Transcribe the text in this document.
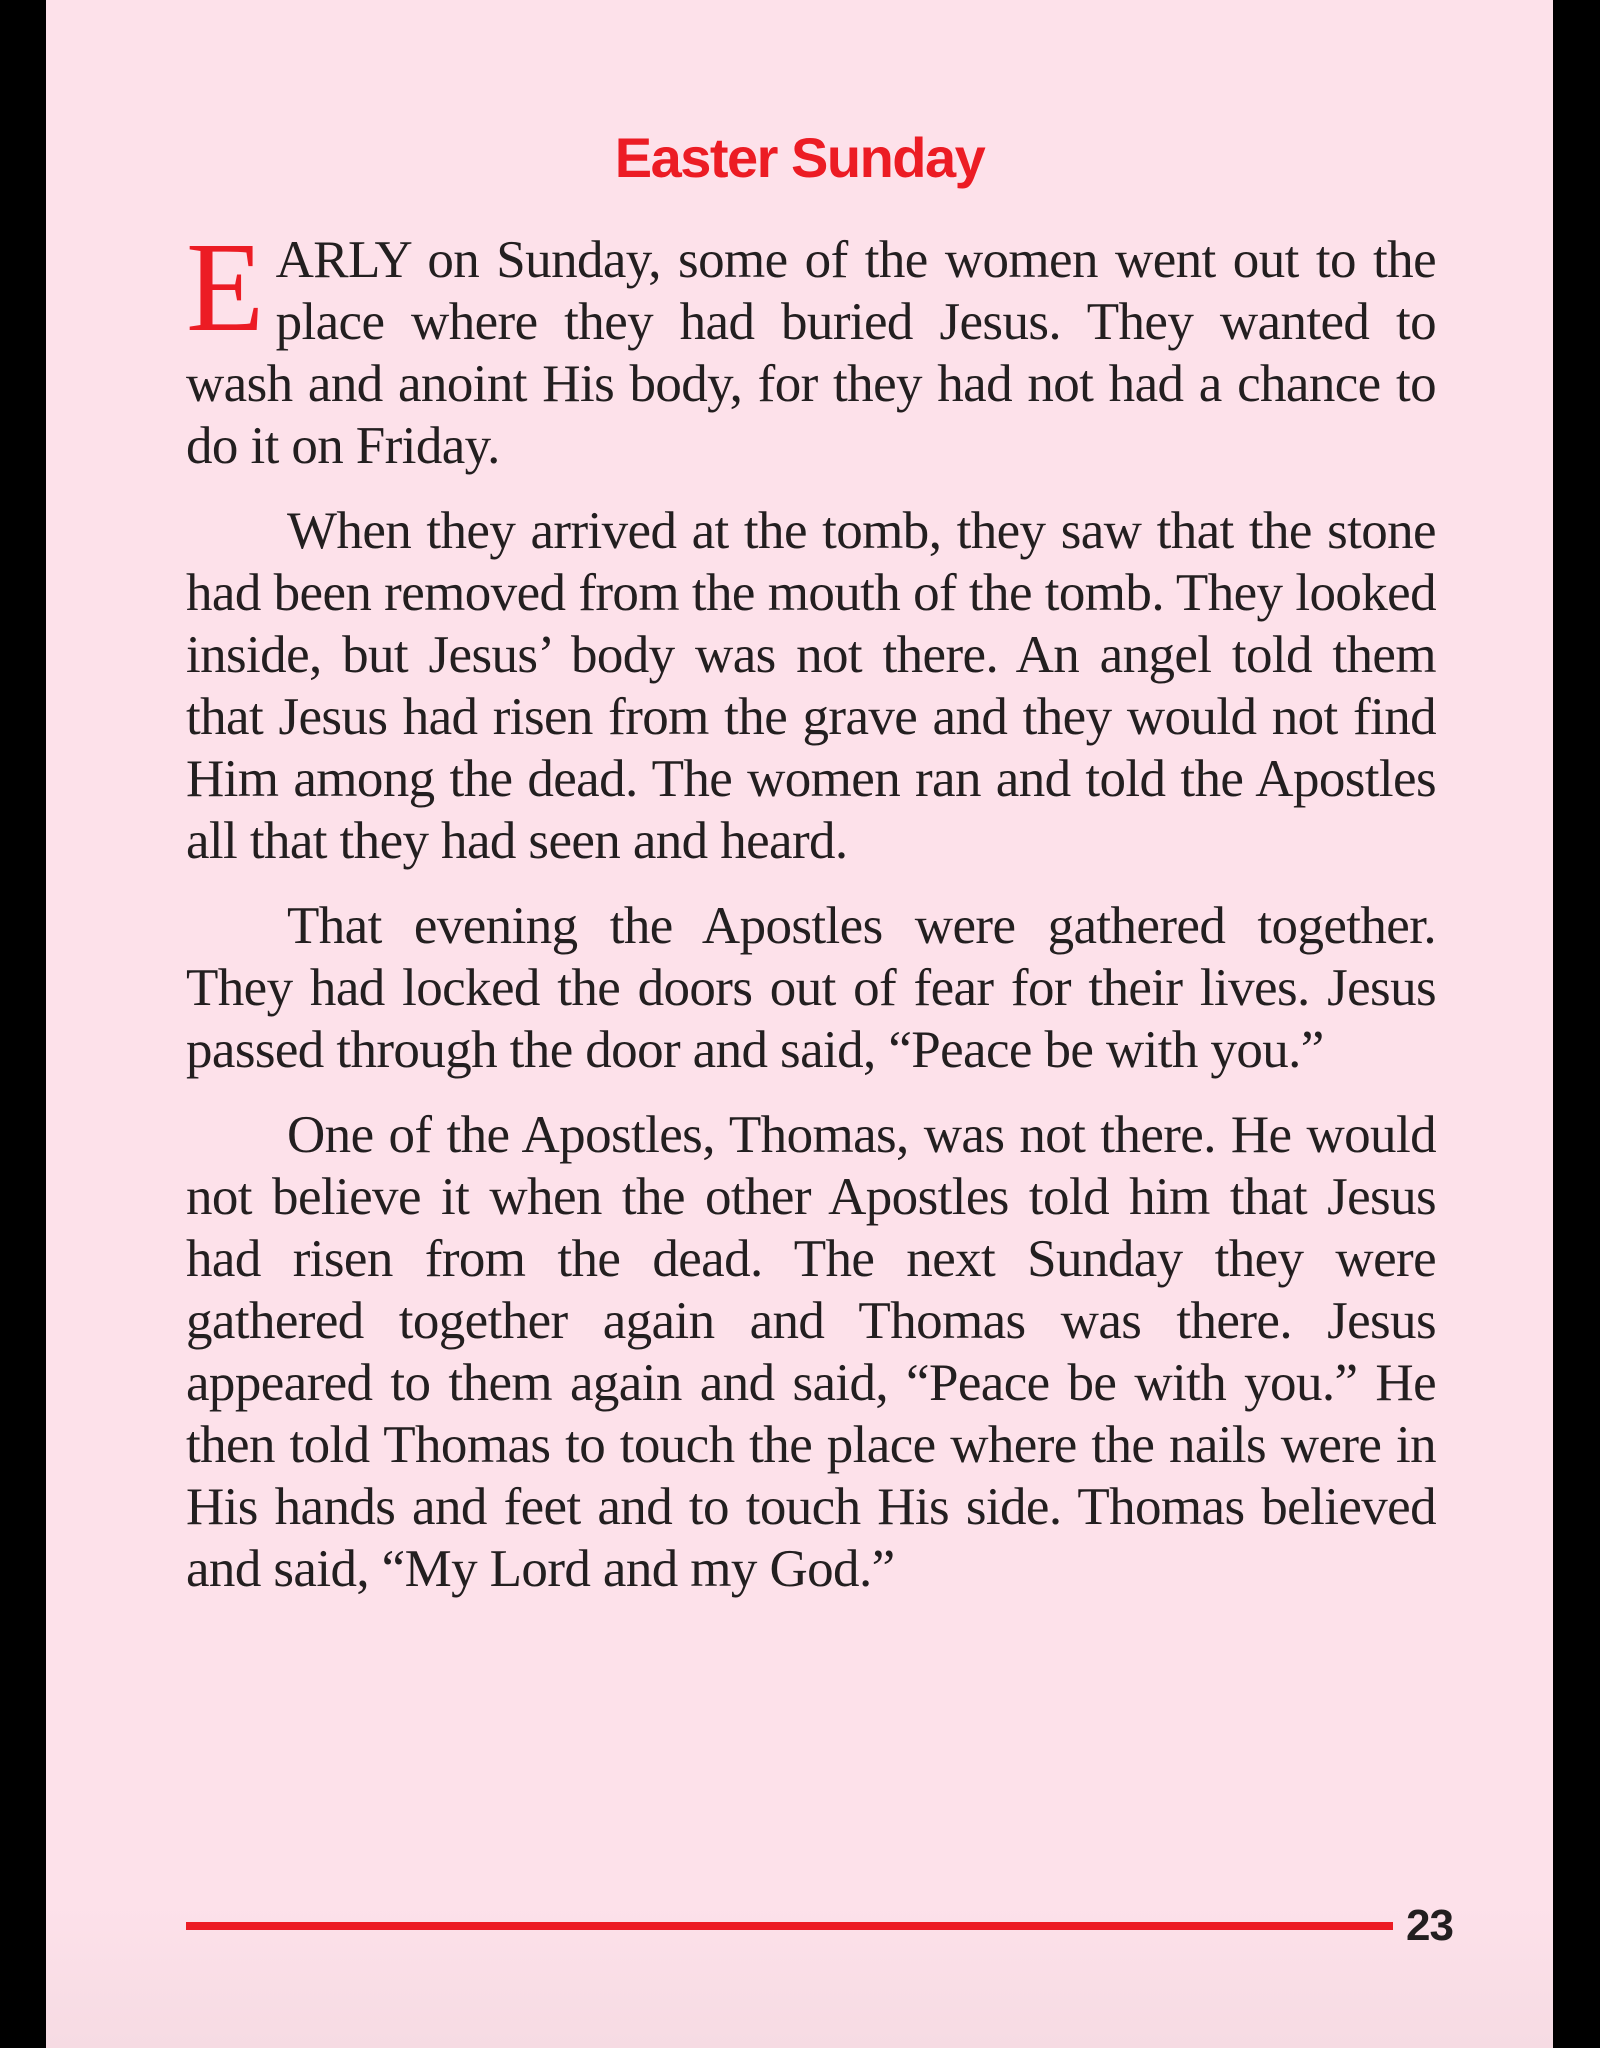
Easter Sunday

EARLY on Sunday, some of the women went out to the place where they had buried Jesus. They wanted to wash and anoint His body, for they had not had a chance to do it on Friday.

When they arrived at the tomb, they saw that the stone had been removed from the mouth of the tomb. They looked inside, but Jesus’ body was not there. An angel told them that Jesus had risen from the grave and they would not find Him among the dead. The women ran and told the Apostles all that they had seen and heard.

That evening the Apostles were gathered together. They had locked the doors out of fear for their lives. Jesus passed through the door and said, “Peace be with you.”

One of the Apostles, Thomas, was not there. He would not believe it when the other Apostles told him that Jesus had risen from the dead. The next Sunday they were gathered together again and Thomas was there. Jesus appeared to them again and said, “Peace be with you.” He then told Thomas to touch the place where the nails were in His hands and feet and to touch His side. Thomas believed and said, “My Lord and my God.”

23
